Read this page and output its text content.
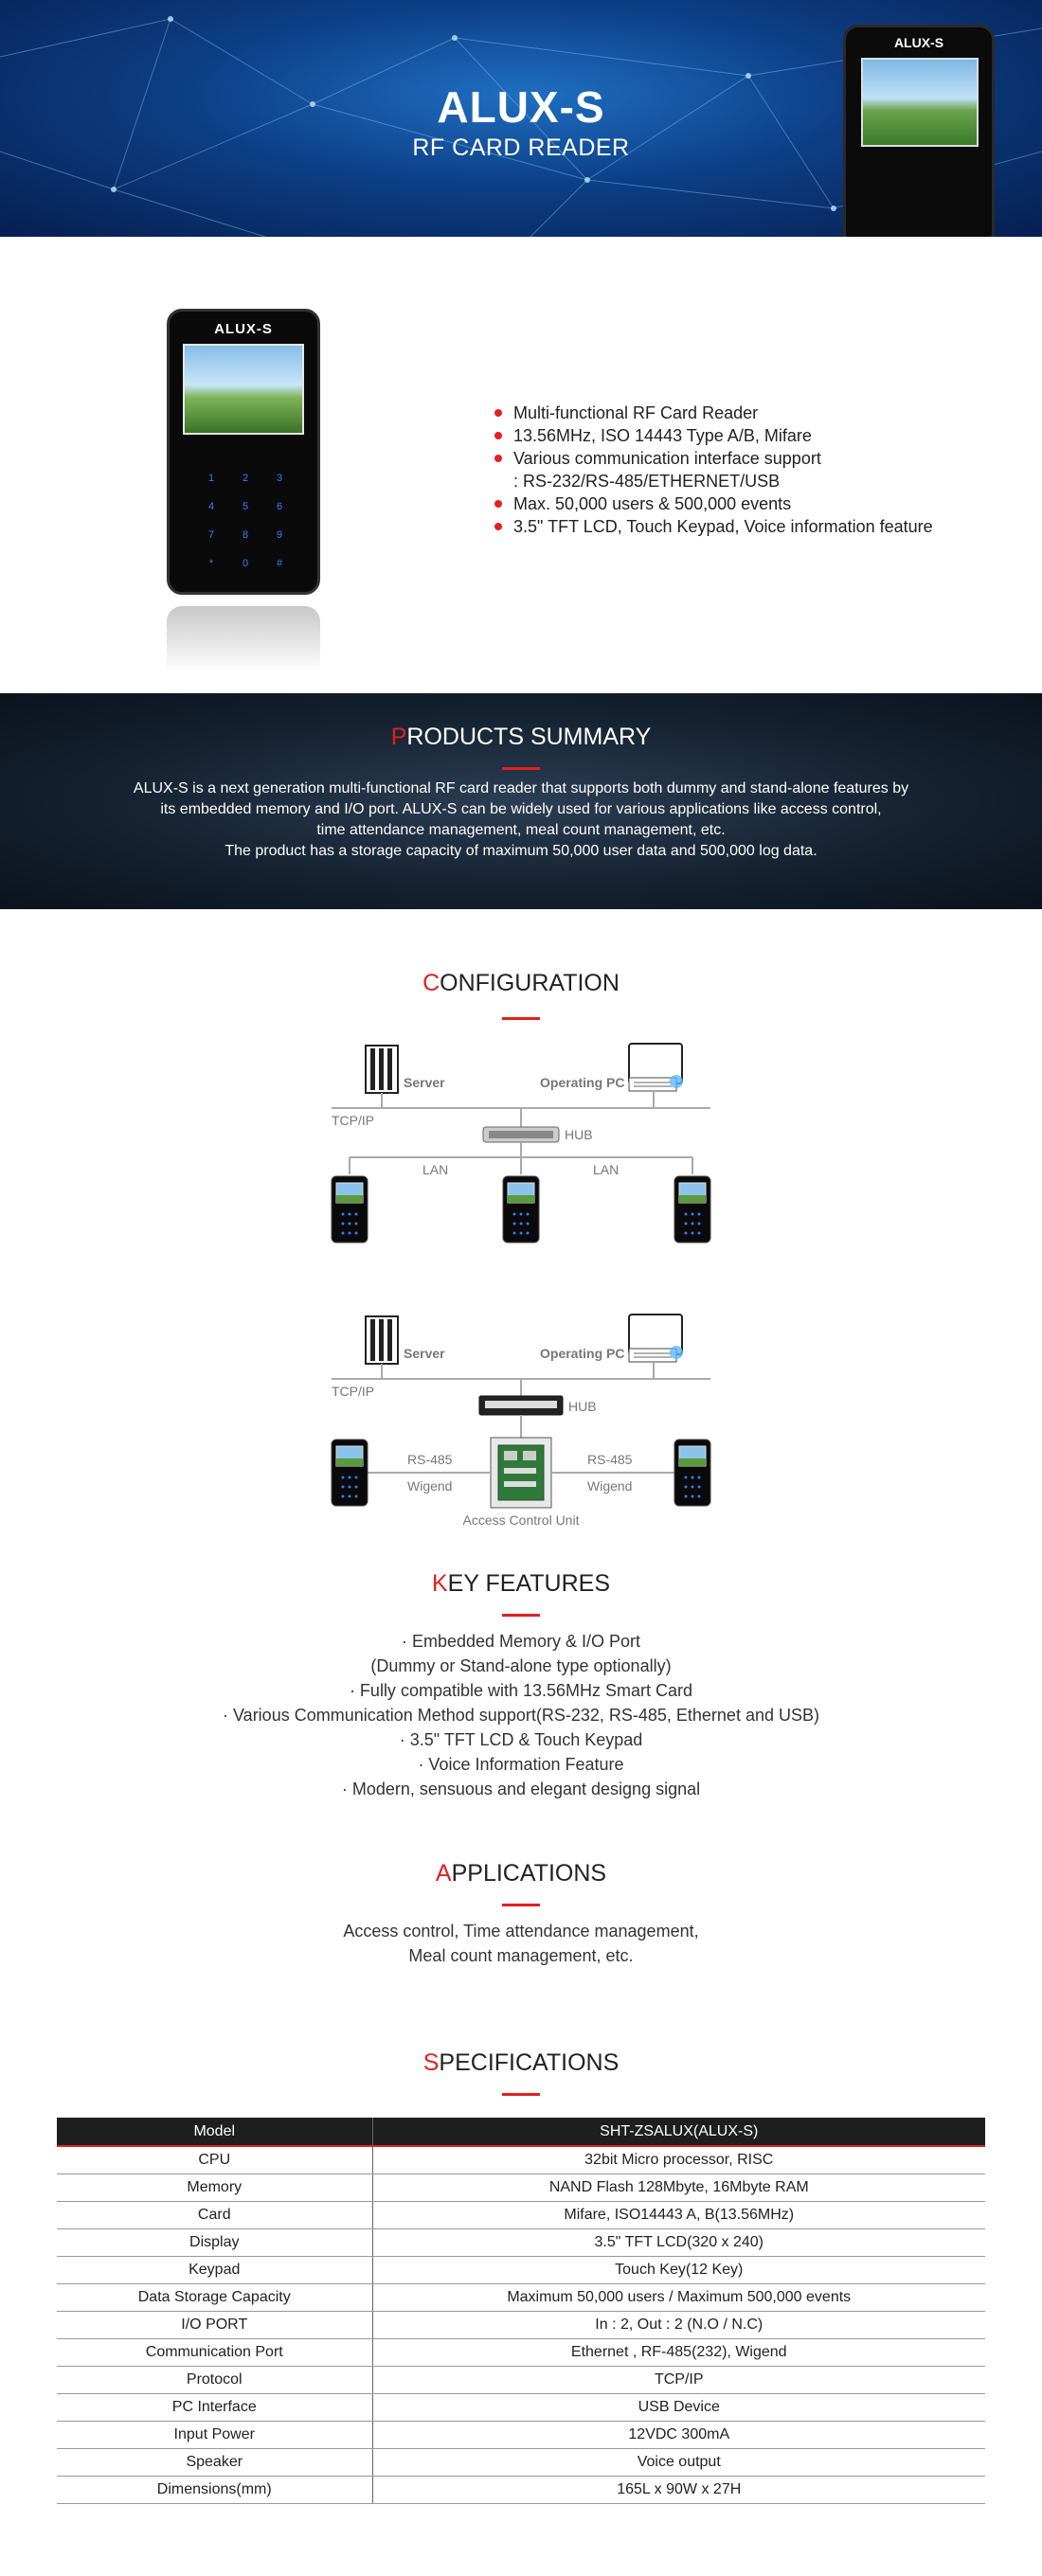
ALUX-S
RF CARD READER
ALUX-S
ALUX-S
1	2	3
4	5	6
7	8	9
*	0	#
Multi-functional RF Card Reader
13.56MHz, ISO 14443 Type A/B, Mifare
Various communication interface support
: RS-232/RS-485/ETHERNET/USB
Max. 50,000 users & 500,000 events
3.5" TFT LCD, Touch Keypad, Voice information feature
PRODUCTS SUMMARY
ALUX-S is a next generation multi-functional RF card reader that supports both dummy and stand-alone features by
its embedded memory and I/O port. ALUX-S can be widely used for various applications like access control,
time attendance management, meal count management, etc.
The product has a storage capacity of maximum 50,000 user data and 500,000 log data.
CONFIGURATION
Server	Operating PC
TCP/IP
HUB
LAN	LAN
Server	Operating PC
TCP/IP
HUB
RS-485
Wigend
RS-485
Wigend
Access Control Unit
KEY FEATURES
· Embedded Memory & I/O Port
(Dummy or Stand-alone type optionally)
· Fully compatible with 13.56MHz Smart Card
· Various Communication Method support(RS-232, RS-485, Ethernet and USB)
· 3.5" TFT LCD & Touch Keypad
· Voice Information Feature
· Modern, sensuous and elegant designg signal
APPLICATIONS
Access control, Time attendance management,
Meal count management, etc.
SPECIFICATIONS
Model	SHT-ZSALUX(ALUX-S)
CPU	32bit Micro processor, RISC
Memory	NAND Flash 128Mbyte, 16Mbyte RAM
Card	Mifare, ISO14443 A, B(13.56MHz)
Display	3.5" TFT LCD(320 x 240)
Keypad	Touch Key(12 Key)
Data Storage Capacity	Maximum 50,000 users / Maximum 500,000 events
I/O PORT	In : 2, Out : 2 (N.O / N.C)
Communication Port	Ethernet , RF-485(232), Wigend
Protocol	TCP/IP
PC Interface	USB Device
Input Power	12VDC 300mA
Speaker	Voice output
Dimensions(mm)	165L x 90W x 27H
